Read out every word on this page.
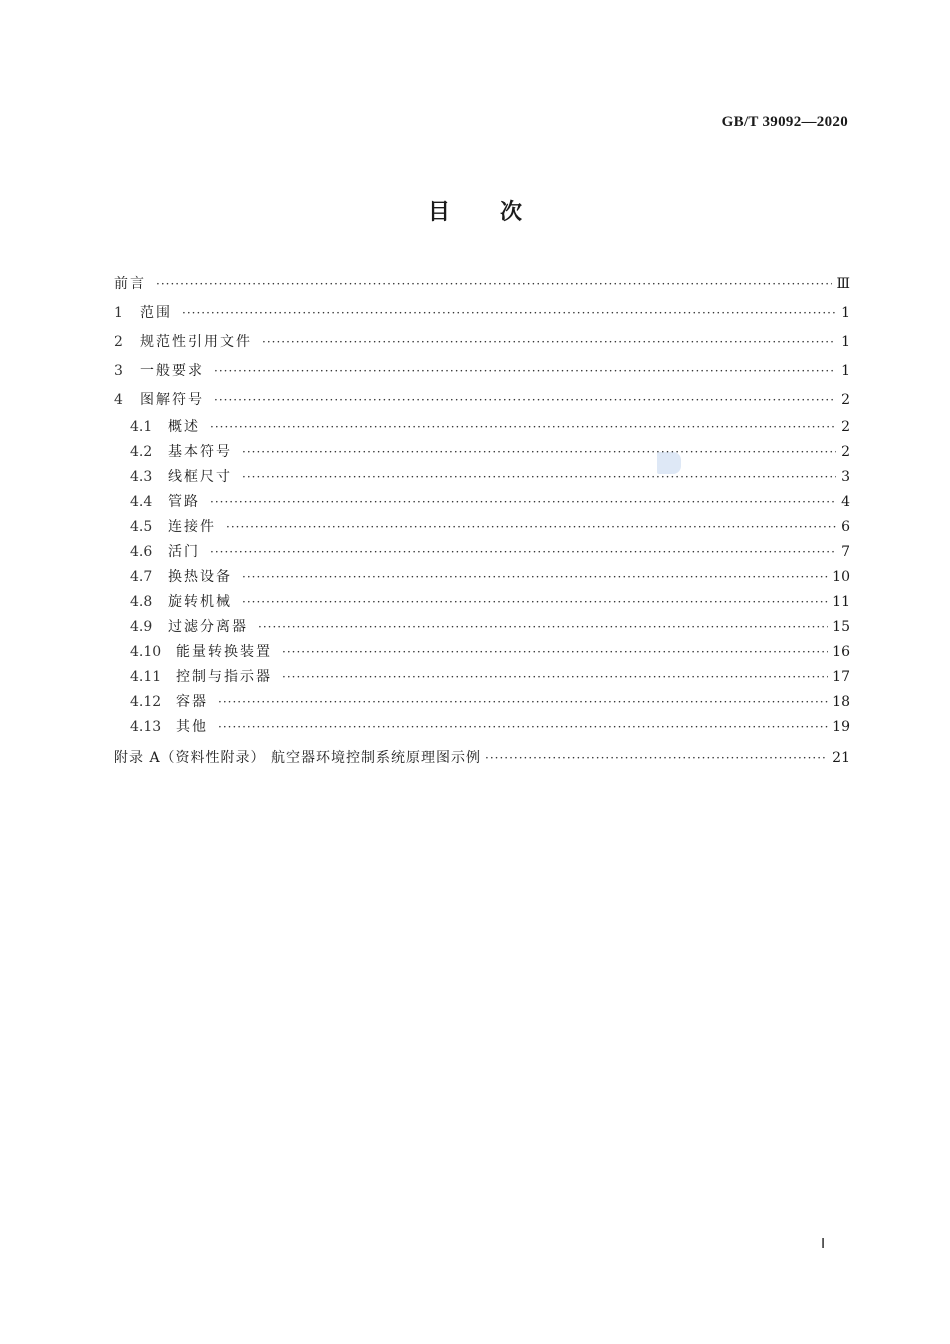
GB/T 39092—2020
目次
前言 ·····	Ⅲ
1	范围 ·····	1
2	规范性引用文件 ·····	1
3	一般要求 ·····	1
4	图解符号 ·····	2
4.1	概述 ·····	2
4.2	基本符号 ·····	2
4.3	线框尺寸 ·····	3
4.4	管路 ·····	4
4.5	连接件 ·····	6
4.6	活门 ·····	7
4.7	换热设备 ·····	10
4.8	旋转机械 ·····	11
4.9	过滤分离器 ·····	15
4.10	能量转换装置 ·····	16
4.11	控制与指示器 ·····	17
4.12	容器 ·····	18
4.13	其他 ·····	19
附录 A（资料性附录） 航空器环境控制系统原理图示例 ·····	21
Ⅰ
